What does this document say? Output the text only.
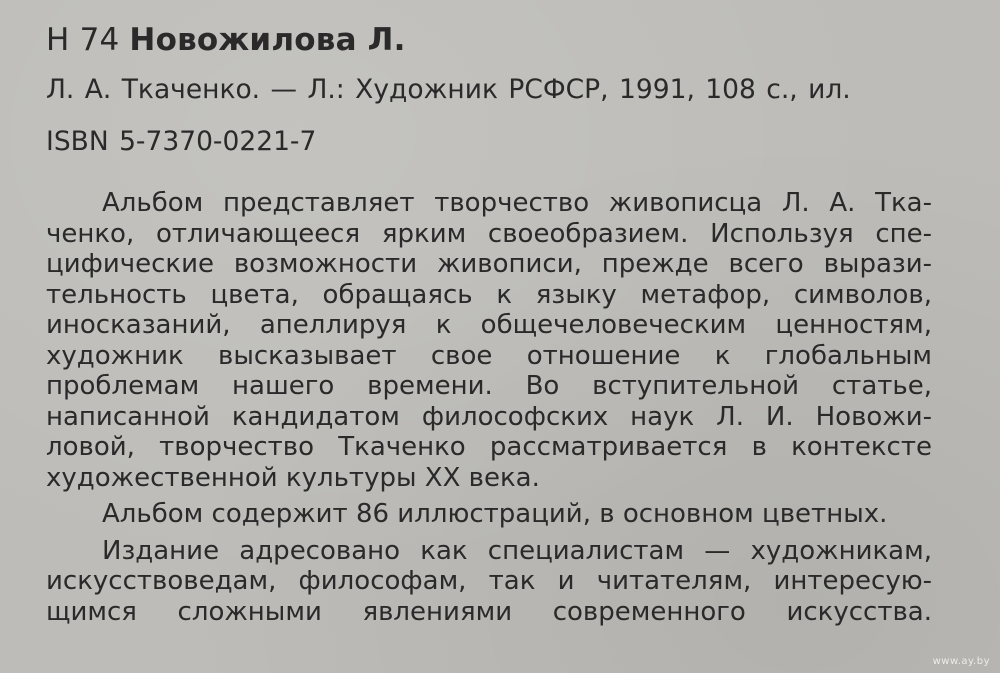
Н 74 Новожилова Л.
Л. А. Ткаченко. — Л.: Художник РСФСР, 1991, 108 с., ил.
ISBN 5-7370-0221-7
Альбом представляет творчество живописца Л. А. Тка-
ченко, отличающееся ярким своеобразием. Используя спе-
цифические возможности живописи, прежде всего вырази-
тельность цвета, обращаясь к языку метафор, символов,
иносказаний, апеллируя к общечеловеческим ценностям,
художник высказывает свое отношение к глобальным
проблемам нашего времени. Во вступительной статье,
написанной кандидатом философских наук Л. И. Новожи-
ловой, творчество Ткаченко рассматривается в контексте
художественной культуры XX века.
Альбом содержит 86 иллюстраций, в основном цветных.
Издание адресовано как специалистам — художникам,
искусствоведам, философам, так и читателям, интересую-
щимся сложными явлениями современного искусства.
www.ay.by
